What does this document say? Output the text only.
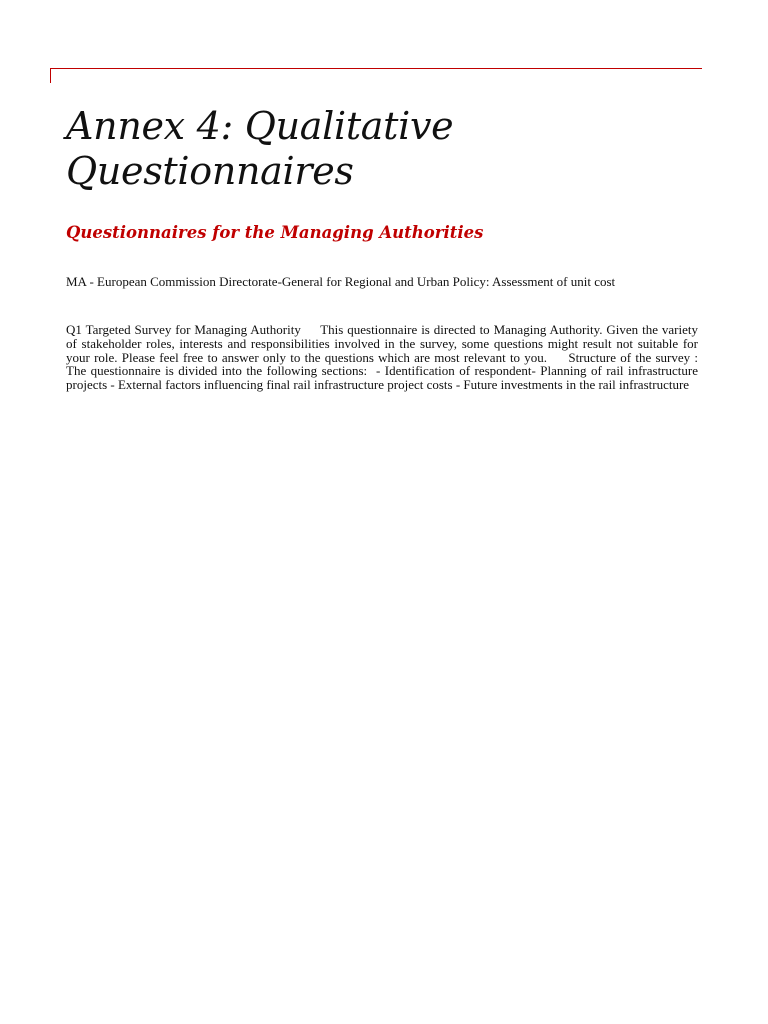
Annex 4: Qualitative Questionnaires
Questionnaires for the Managing Authorities

MA - European Commission Directorate-General for Regional and Urban Policy: Assessment of unit cost

Q1 Targeted Survey for Managing Authority     This questionnaire is directed to Managing Authority. Given the variety of stakeholder roles, interests and responsibilities involved in the survey, some questions might result not suitable for your role. Please feel free to answer only to the questions which are most relevant to you.     Structure of the survey :  The questionnaire is divided into the following sections:  - Identification of respondent- Planning of rail infrastructure projects - External factors influencing final rail infrastructure project costs - Future investments in the rail infrastructure
